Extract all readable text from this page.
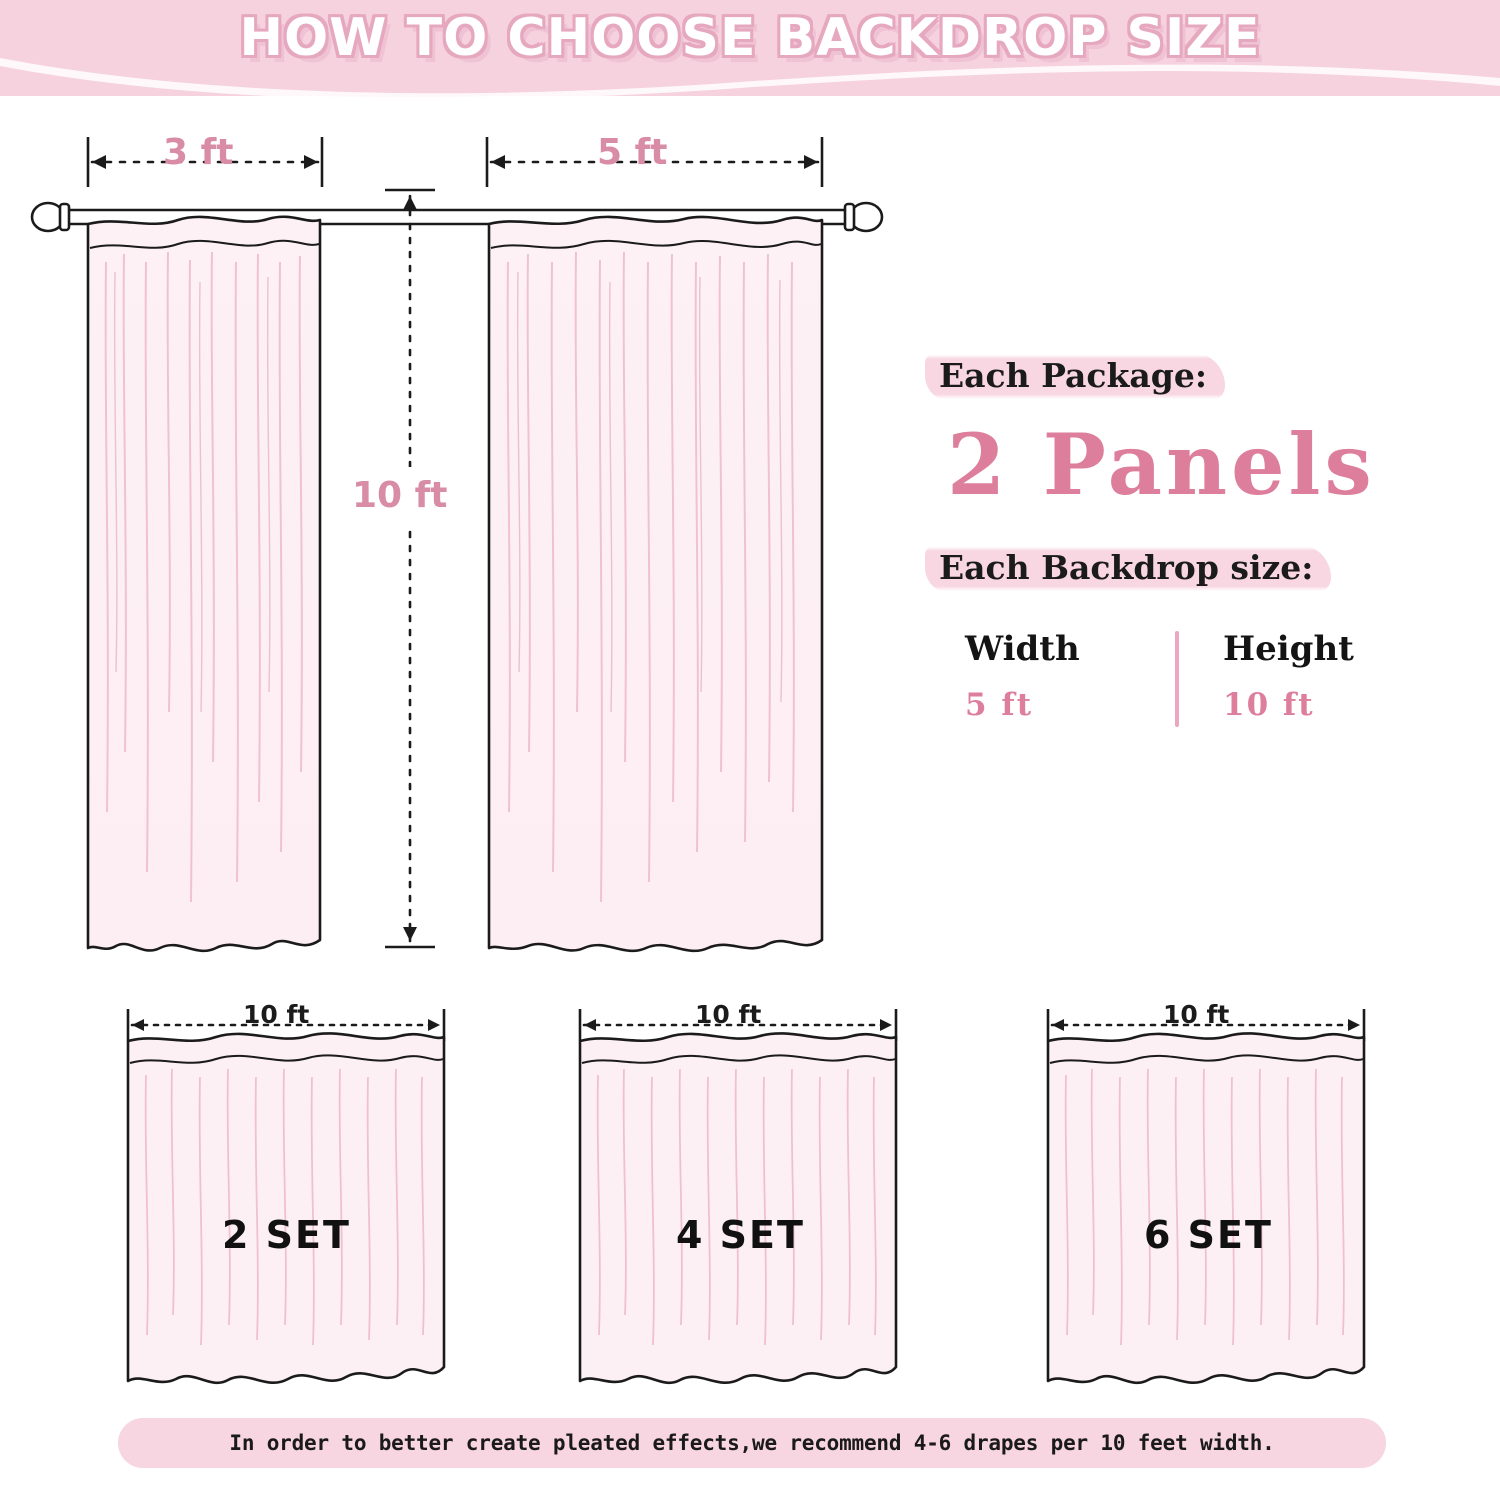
HOW TO CHOOSE BACKDROP SIZE
3 ft	5 ft
10 ft
Each Package:
2 Panels
Each Backdrop size:
Width
5 ft
Height
10 ft
10 ft
2 SET
10 ft
4 SET
10 ft
6 SET
In order to better create pleated effects,we recommend 4-6 drapes per 10 feet width.
